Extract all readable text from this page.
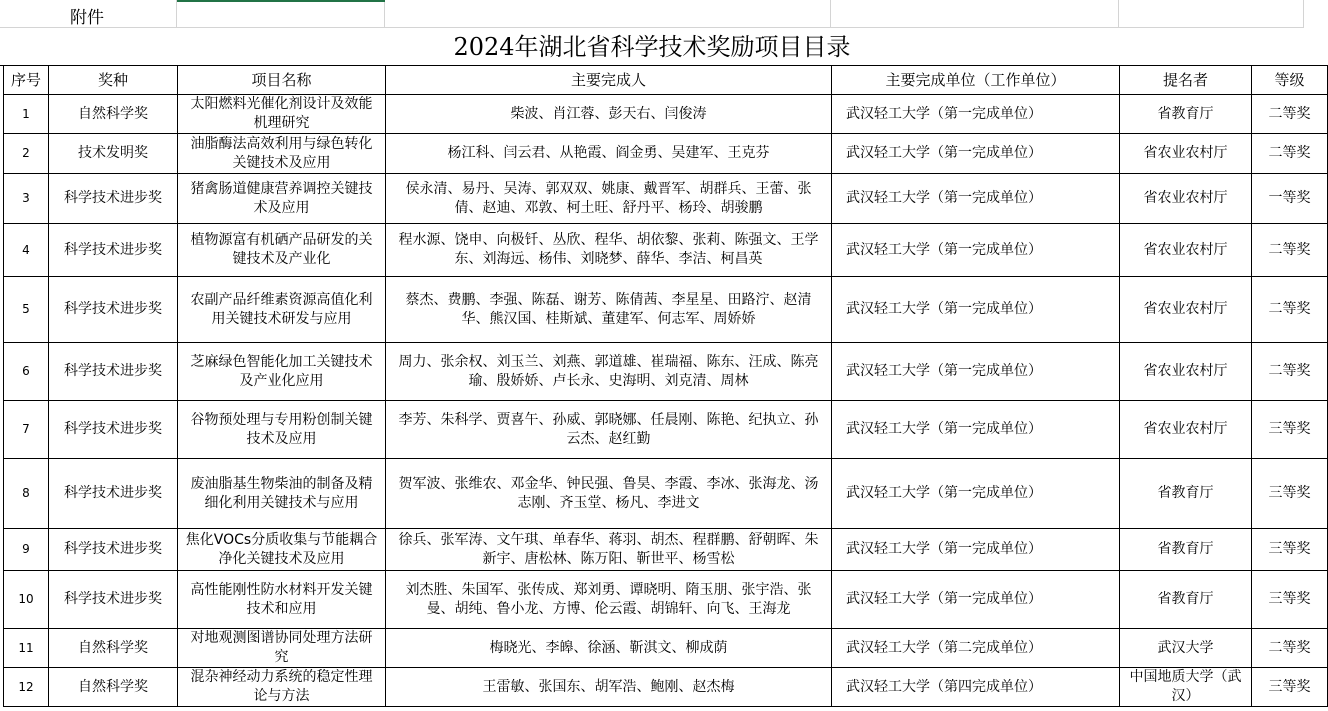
附件
2024年湖北省科学技术奖励项目目录
序号	奖种	项目名称	主要完成人	主要完成单位（工作单位）	提名者	等级
1	自然科学奖	太阳燃料光催化剂设计及效能机理研究	柴波、肖江蓉、彭天右、闫俊涛	武汉轻工大学（第一完成单位）	省教育厅	二等奖
2	技术发明奖	油脂酶法高效利用与绿色转化关键技术及应用	杨江科、闫云君、从艳霞、阎金勇、吴建军、王克芬	武汉轻工大学（第一完成单位）	省农业农村厅	二等奖
3	科学技术进步奖	猪禽肠道健康营养调控关键技术及应用	侯永清、易丹、吴涛、郭双双、姚康、戴晋军、胡群兵、王蕾、张倩、赵迪、邓敦、柯土旺、舒丹平、杨玲、胡骏鹏	武汉轻工大学（第一完成单位）	省农业农村厅	一等奖
4	科学技术进步奖	植物源富有机硒产品研发的关键技术及产业化	程水源、饶申、向极钎、丛欣、程华、胡依黎、张莉、陈强文、王学东、刘海远、杨伟、刘晓梦、薛华、李洁、柯昌英	武汉轻工大学（第一完成单位）	省农业农村厅	二等奖
5	科学技术进步奖	农副产品纤维素资源高值化利用关键技术研发与应用	蔡杰、费鹏、李强、陈磊、谢芳、陈倩茜、李星星、田路泞、赵清华、熊汉国、桂斯斌、董建军、何志军、周娇娇	武汉轻工大学（第一完成单位）	省农业农村厅	二等奖
6	科学技术进步奖	芝麻绿色智能化加工关键技术及产业化应用	周力、张余权、刘玉兰、刘燕、郭道雄、崔瑞福、陈东、汪成、陈亮瑜、殷娇娇、卢长永、史海明、刘克清、周林	武汉轻工大学（第一完成单位）	省农业农村厅	二等奖
7	科学技术进步奖	谷物预处理与专用粉创制关键技术及应用	李芳、朱科学、贾喜午、孙威、郭晓娜、任晨刚、陈艳、纪执立、孙云杰、赵红勤	武汉轻工大学（第一完成单位）	省农业农村厅	三等奖
8	科学技术进步奖	废油脂基生物柴油的制备及精细化利用关键技术与应用	贺军波、张维农、邓金华、钟民强、鲁昊、李霞、李冰、张海龙、汤志刚、齐玉堂、杨凡、李进文	武汉轻工大学（第一完成单位）	省教育厅	三等奖
9	科学技术进步奖	焦化VOCs分质收集与节能耦合净化关键技术及应用	徐兵、张军涛、文午琪、单春华、蒋羽、胡杰、程群鹏、舒朝晖、朱新宇、唐松林、陈万阳、靳世平、杨雪松	武汉轻工大学（第一完成单位）	省教育厅	三等奖
10	科学技术进步奖	高性能刚性防水材料开发关键技术和应用	刘杰胜、朱国军、张传成、郑刘勇、谭晓明、隋玉朋、张宇浩、张曼、胡纯、鲁小龙、方博、伦云霞、胡锦轩、向飞、王海龙	武汉轻工大学（第一完成单位）	省教育厅	三等奖
11	自然科学奖	对地观测图谱协同处理方法研究	梅晓光、李皞、徐涵、靳淇文、柳成荫	武汉轻工大学（第二完成单位）	武汉大学	二等奖
12	自然科学奖	混杂神经动力系统的稳定性理论与方法	王雷敏、张国东、胡军浩、鲍刚、赵杰梅	武汉轻工大学（第四完成单位）	中国地质大学（武汉）	三等奖
